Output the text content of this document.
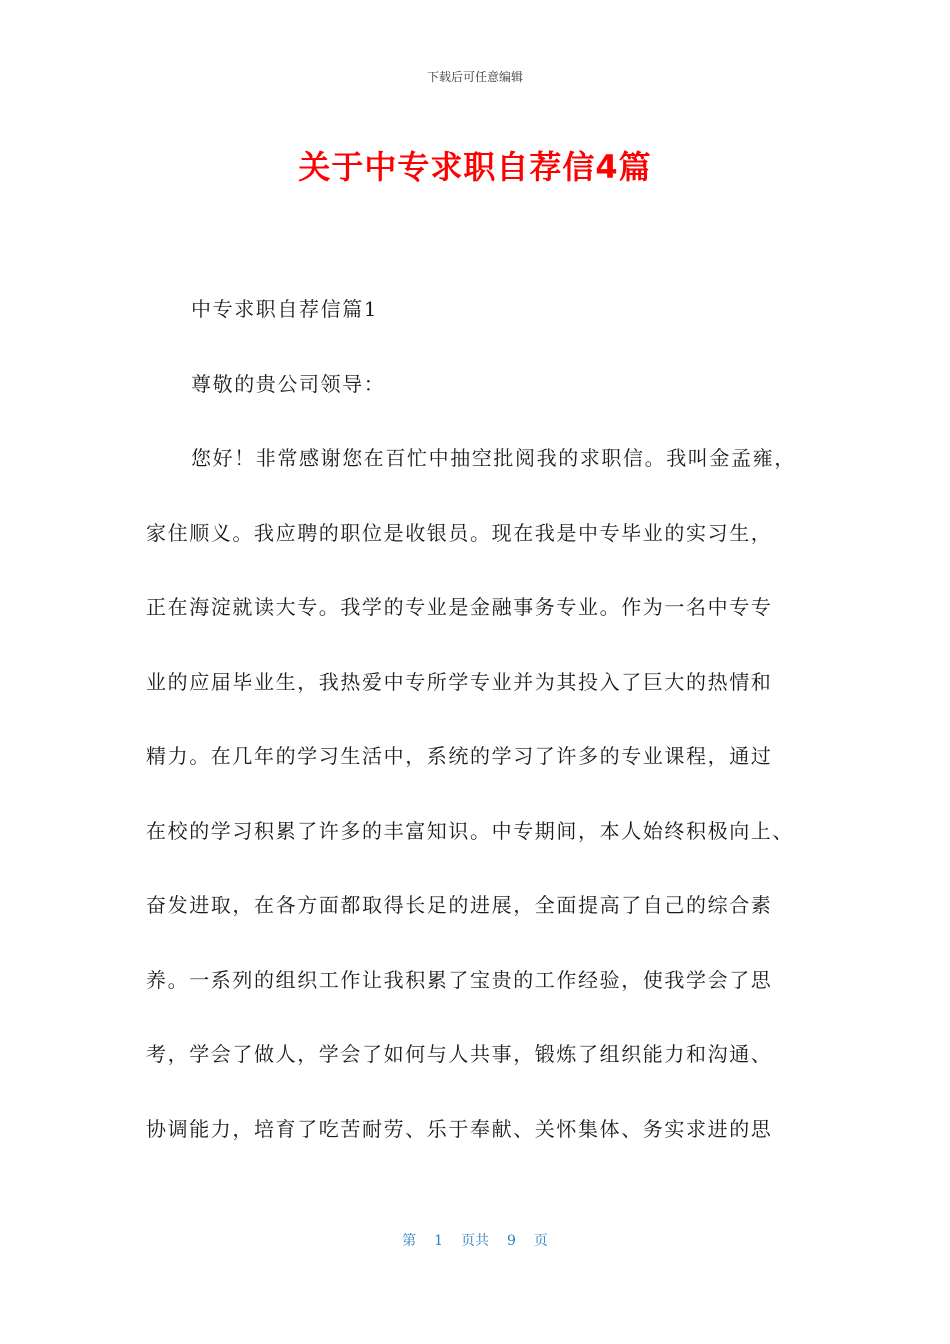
下载后可任意编辑
关于中专求职自荐信4篇

中专求职自荐信篇1

尊敬的贵公司领导：

您好！非常感谢您在百忙中抽空批阅我的求职信。我叫金孟雍，
家住顺义。我应聘的职位是收银员。现在我是中专毕业的实习生，
正在海淀就读大专。我学的专业是金融事务专业。作为一名中专专
业的应届毕业生，我热爱中专所学专业并为其投入了巨大的热情和
精力。在几年的学习生活中，系统的学习了许多的专业课程，通过
在校的学习积累了许多的丰富知识。中专期间，本人始终积极向上、
奋发进取，在各方面都取得长足的进展，全面提高了自己的综合素
养。一系列的组织工作让我积累了宝贵的工作经验，使我学会了思
考，学会了做人，学会了如何与人共事，锻炼了组织能力和沟通、
协调能力，培育了吃苦耐劳、乐于奉献、关怀集体、务实求进的思

第 1 页共 9 页
